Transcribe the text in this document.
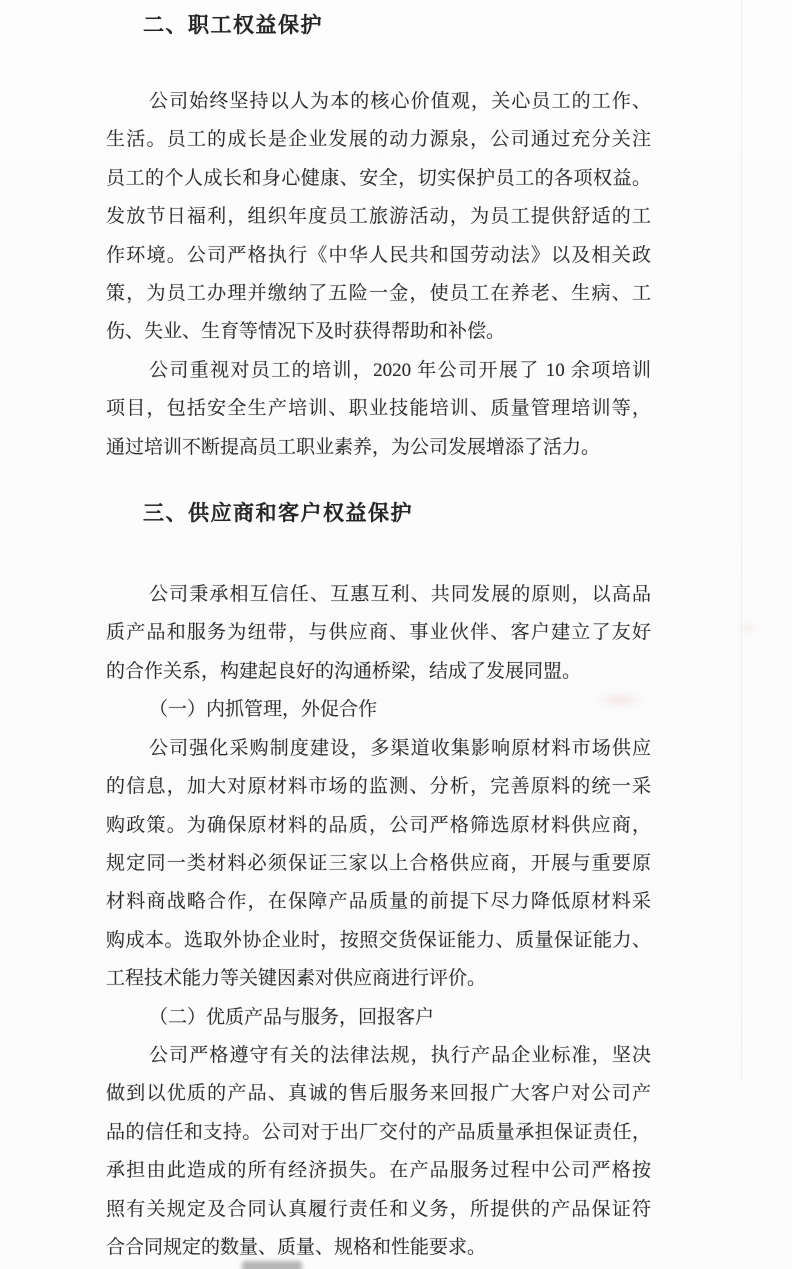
二、职工权益保护
公司始终坚持以人为本的核心价值观，关心员工的工作、
生活。员工的成长是企业发展的动力源泉，公司通过充分关注
员工的个人成长和身心健康、安全，切实保护员工的各项权益。
发放节日福利，组织年度员工旅游活动，为员工提供舒适的工
作环境。公司严格执行《中华人民共和国劳动法》以及相关政
策，为员工办理并缴纳了五险一金，使员工在养老、生病、工
伤、失业、生育等情况下及时获得帮助和补偿。
公司重视对员工的培训，2020 年公司开展了 10 余项培训
项目，包括安全生产培训、职业技能培训、质量管理培训等，
通过培训不断提高员工职业素养，为公司发展增添了活力。
三、供应商和客户权益保护
公司秉承相互信任、互惠互利、共同发展的原则，以高品
质产品和服务为纽带，与供应商、事业伙伴、客户建立了友好
的合作关系，构建起良好的沟通桥梁，结成了发展同盟。
（一）内抓管理，外促合作
公司强化采购制度建设，多渠道收集影响原材料市场供应
的信息，加大对原材料市场的监测、分析，完善原料的统一采
购政策。为确保原材料的品质，公司严格筛选原材料供应商，
规定同一类材料必须保证三家以上合格供应商，开展与重要原
材料商战略合作，在保障产品质量的前提下尽力降低原材料采
购成本。选取外协企业时，按照交货保证能力、质量保证能力、
工程技术能力等关键因素对供应商进行评价。
（二）优质产品与服务，回报客户
公司严格遵守有关的法律法规，执行产品企业标准，坚决
做到以优质的产品、真诚的售后服务来回报广大客户对公司产
品的信任和支持。公司对于出厂交付的产品质量承担保证责任，
承担由此造成的所有经济损失。在产品服务过程中公司严格按
照有关规定及合同认真履行责任和义务，所提供的产品保证符
合合同规定的数量、质量、规格和性能要求。
